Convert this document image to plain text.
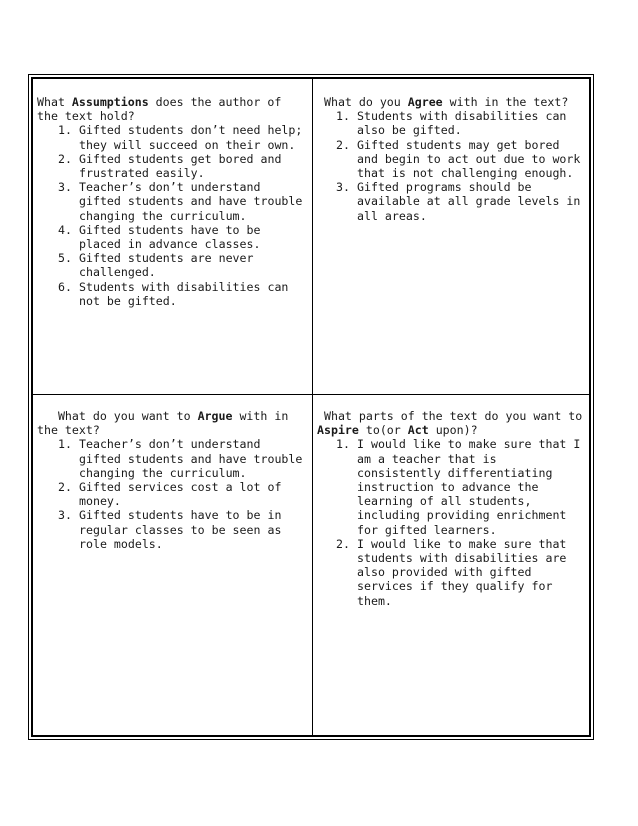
What Assumptions does the author of the text hold?

1. Gifted students don’t need help; they will succeed on their own.
2. Gifted students get bored and frustrated easily.
3. Teacher’s don’t understand gifted students and have trouble changing the curriculum.
4. Gifted students have to be placed in advance classes.
5. Gifted students are never challenged.
6. Students with disabilities can not be gifted.

What do you Agree with in the text?

1. Students with disabilities can also be gifted.
2. Gifted students may get bored and begin to act out due to work that is not challenging enough.
3. Gifted programs should be available at all grade levels in all areas.

What do you want to Argue with in the text?

1. Teacher’s don’t understand gifted students and have trouble changing the curriculum.
2. Gifted services cost a lot of money.
3. Gifted students have to be in regular classes to be seen as role models.

What parts of the text do you want to Aspire to(or Act upon)?

1. I would like to make sure that I am a teacher that is consistently differentiating instruction to advance the learning of all students, including providing enrichment for gifted learners.
2. I would like to make sure that students with disabilities are also provided with gifted services if they qualify for them.
